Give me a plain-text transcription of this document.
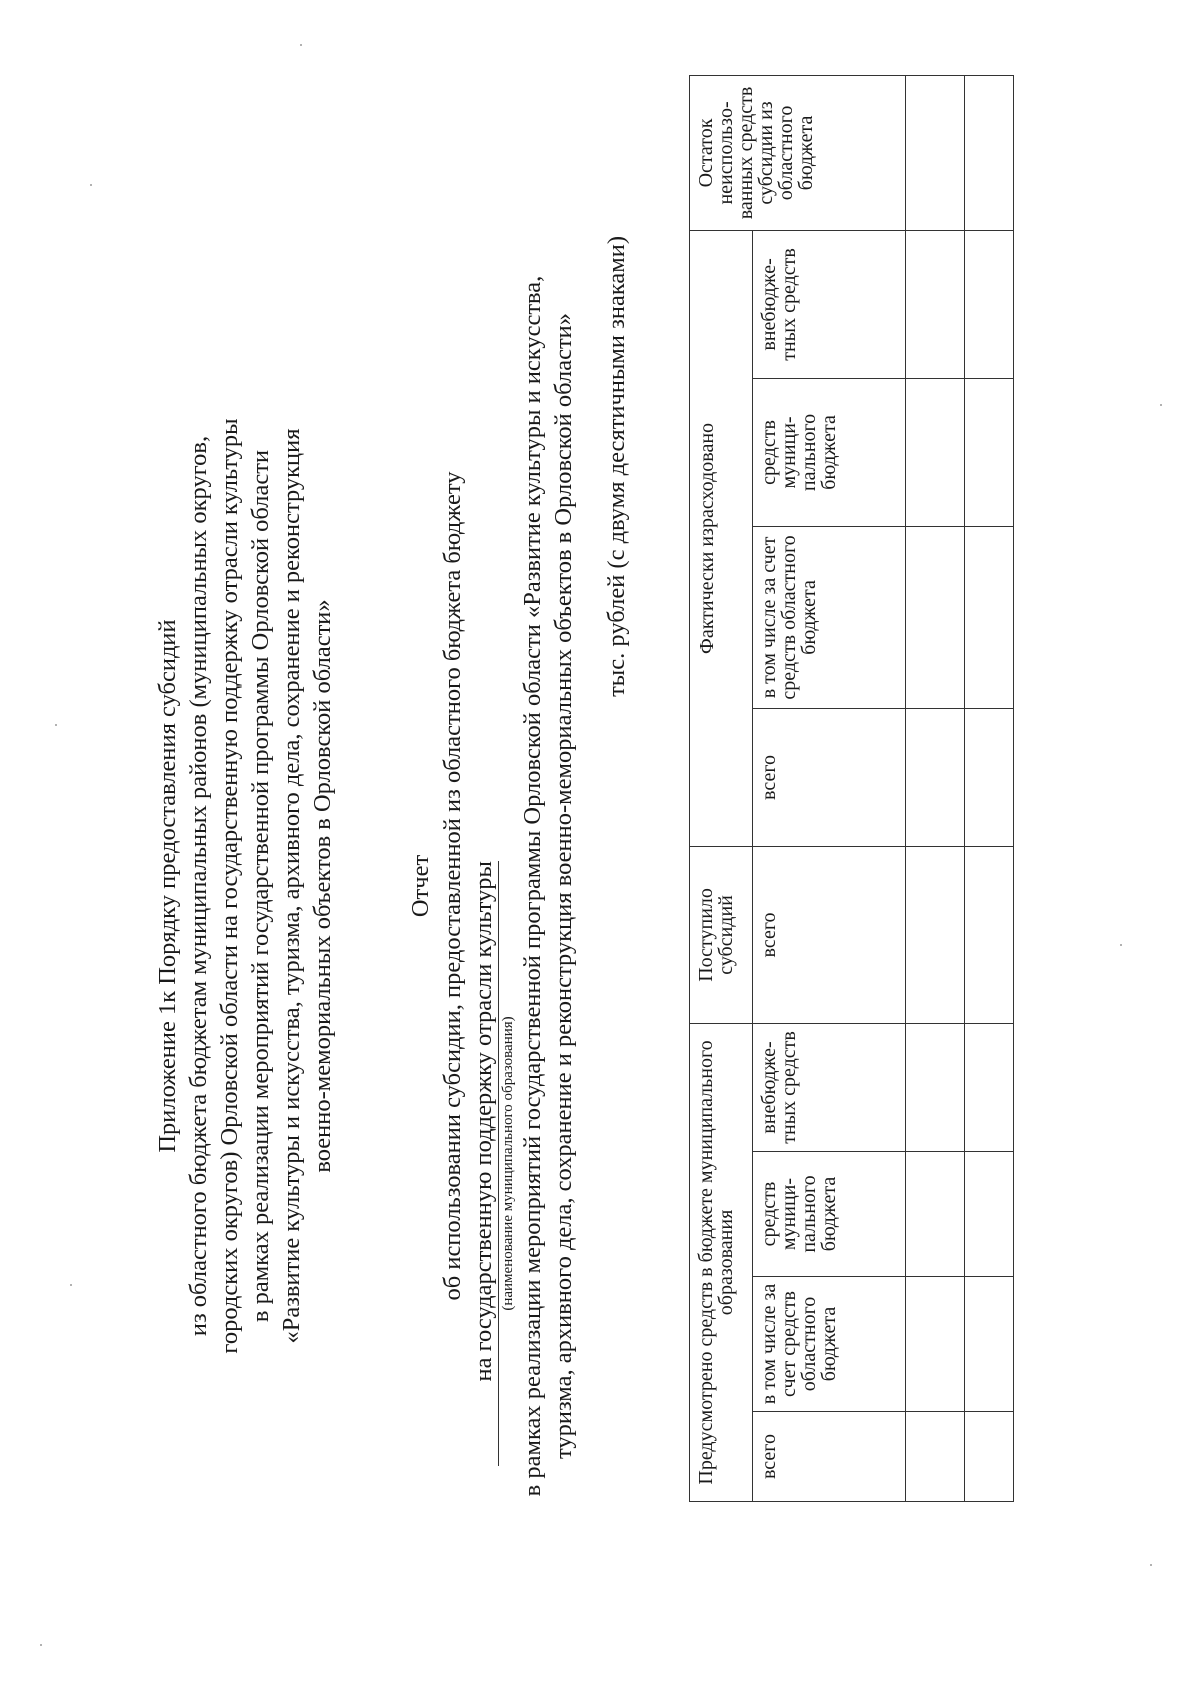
Приложение 1к Порядку предоставления субсидий из областного бюджета бюджетам муниципальных районов (муниципальных округов, городских округов) Орловской области на государственную поддержку отрасли культуры в рамках реализации мероприятий государственной программы Орловской области «Развитие культуры и искусства, туризма, архивного дела, сохранение и реконструкция военно-мемориальных объектов в Орловской области»	Отчет об использовании субсидии, предоставленной из областного бюджета бюджету на государственную поддержку отрасли культуры (наименование муниципального образования) в рамках реализации мероприятий государственной программы Орловской области «Развитие культуры и искусства, туризма, архивного дела, сохранение и реконструкция военно-мемориальных объектов в Орловской области» тыс. рублей (с двумя десятичными знаками)
Предусмотрено средств в бюджете муниципального образования				Поступило субсидий	Фактически израсходовано				Остаток неиспользо-ванных средств субсидии из областного бюджета
всего	в том числе за счет средств областного бюджета	средств муници-пального бюджета	внебюдже-тных средств	всего	всего	в том числе за счет средств областного бюджета	средств муници-пального бюджета	внебюдже-тных средств	
